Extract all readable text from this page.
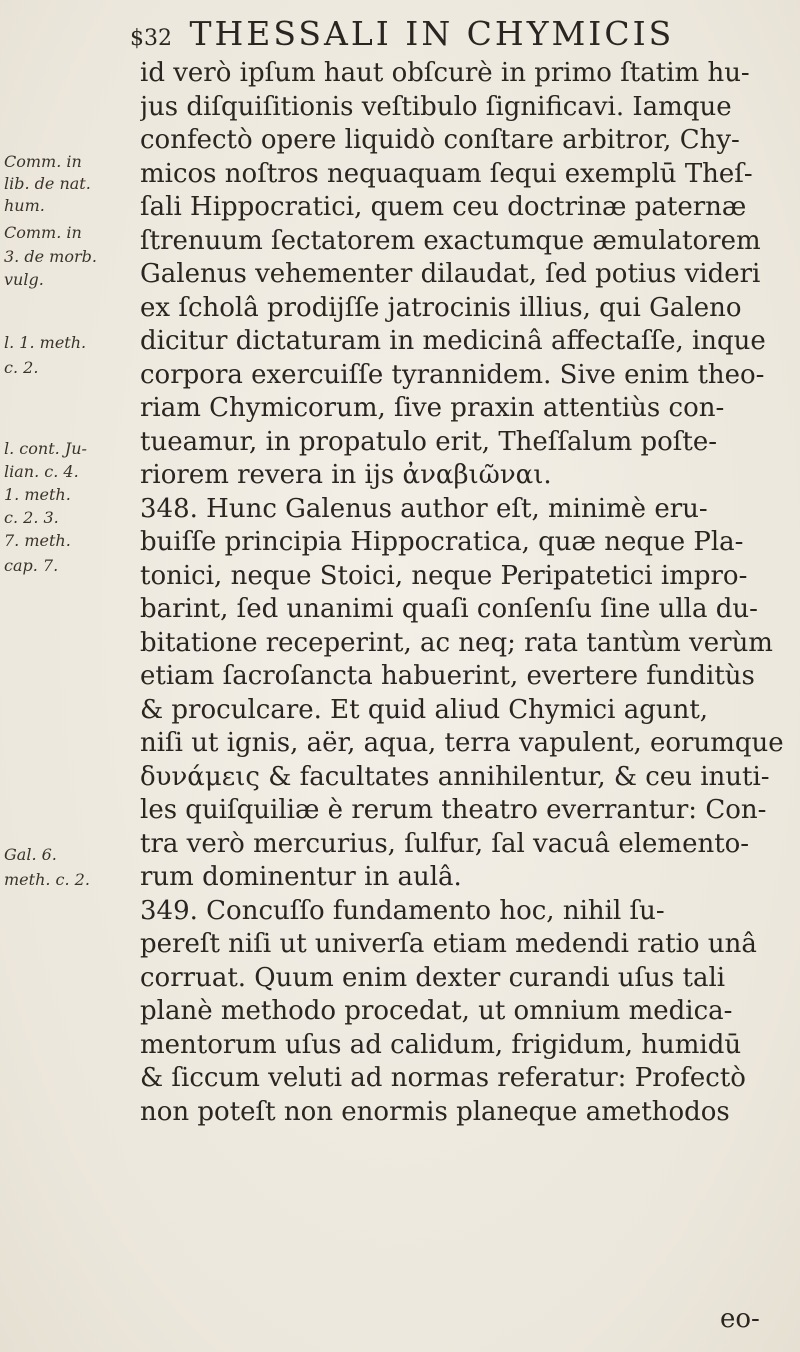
$32 THESSALI IN CHYMICIS
Comm. in
lib. de nat.
hum.
Comm. in
3. de morb.
vulg.
l. 1. meth.
c. 2.
l. cont. Ju-
lian. c. 4.
1. meth.
c. 2. 3.
7. meth.
cap. 7.
Gal. 6.
meth. c. 2.
id verò ipſum haut obſcurè in primo ſtatim hu-
jus diſquiſitionis veſtibulo ſignificavi. Iamque
confectò opere liquidò conſtare arbitror, Chy-
micos noſtros nequaquam ſequi exemplū Theſ-
ſali Hippocratici, quem ceu doctrinæ paternæ
ſtrenuum ſectatorem exactumque æmulatorem
Galenus vehementer dilaudat, ſed potius videri
ex ſcholâ prodijſſe jatrocinis illius, qui Galeno
dicitur dictaturam in medicinâ affectaſſe, inque
corpora exercuiſſe tyrannidem. Sive enim theo-
riam Chymicorum, ſive praxin attentiùs con-
tueamur, in propatulo erit, Theſſalum poſte-
riorem revera in ijs ἀναβιῶναι.
348. Hunc Galenus author eſt, minimè eru-
buiſſe principia Hippocratica, quæ neque Pla-
tonici, neque Stoici, neque Peripatetici impro-
barint, ſed unanimi quaſi conſenſu ſine ulla du-
bitatione receperint, ac neq; rata tantùm verùm
etiam ſacroſancta habuerint, evertere funditùs
& proculcare. Et quid aliud Chymici agunt,
niſi ut ignis, aër, aqua, terra vapulent, eorumque
δυνάμεις & facultates annihilentur, & ceu inuti-
les quiſquiliæ è rerum theatro everrantur: Con-
tra verò mercurius, ſulfur, ſal vacuâ elemento-
rum dominentur in aulâ.
349. Concuſſo fundamento hoc, nihil ſu-
pereſt niſi ut univerſa etiam medendi ratio unâ
corruat. Quum enim dexter curandi uſus tali
planè methodo procedat, ut omnium medica-
mentorum uſus ad calidum, frigidum, humidū
& ſiccum veluti ad normas referatur: Profectò
non poteſt non enormis planeque amethodos
eo-
